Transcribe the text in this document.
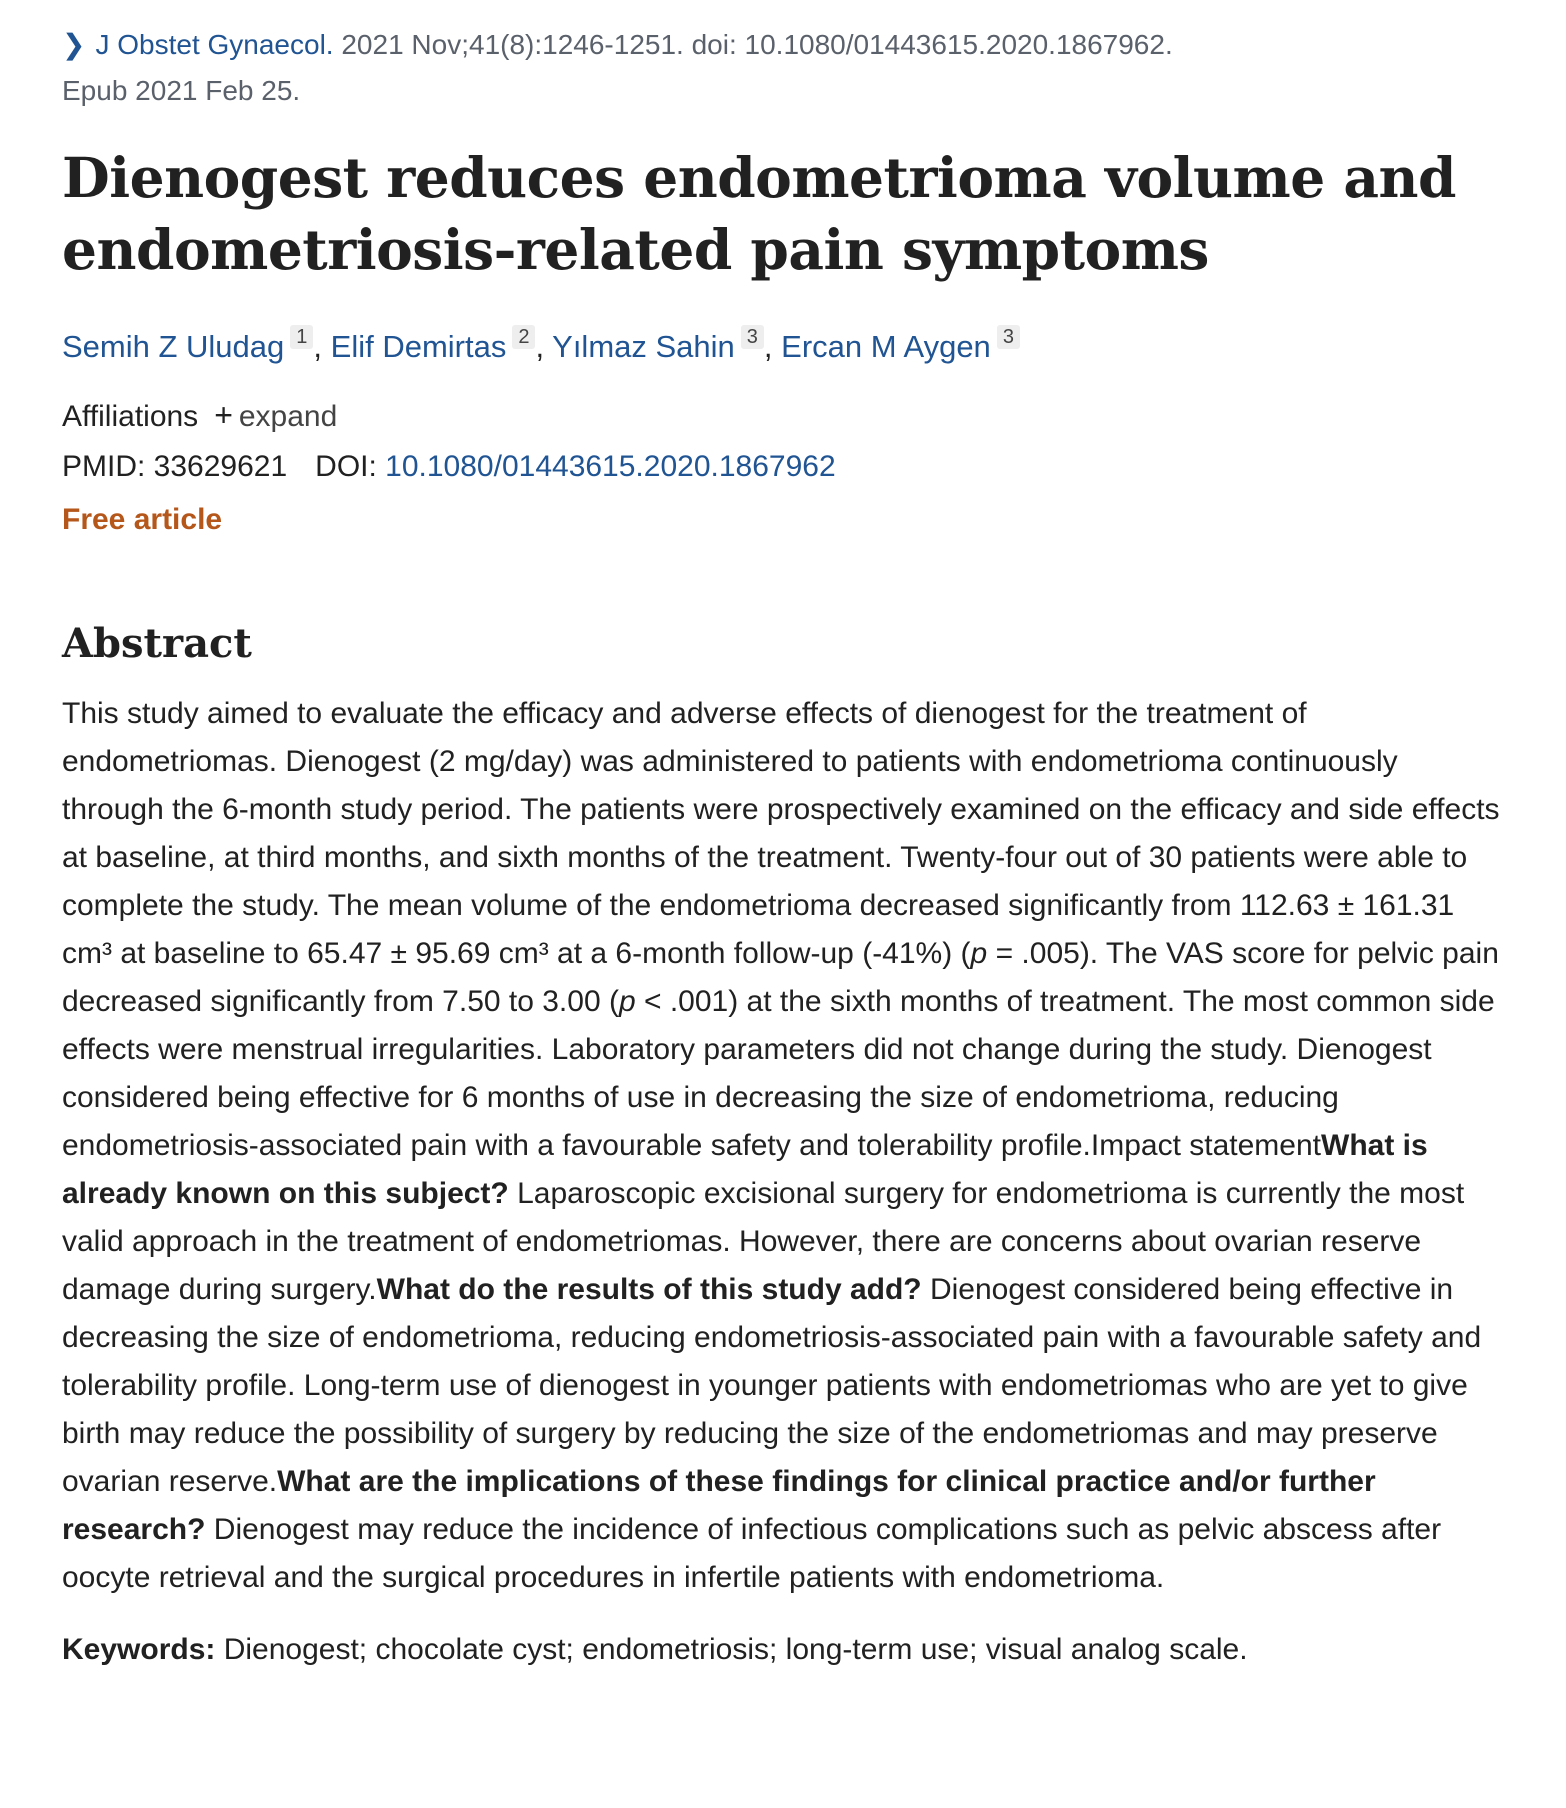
❯ J Obstet Gynaecol. 2021 Nov;41(8):1246-1251. doi: 10.1080/01443615.2020.1867962.
Epub 2021 Feb 25.
Dienogest reduces endometrioma volume and endometriosis-related pain symptoms
Semih Z Uludag 1 , Elif Demirtas 2 , Yılmaz Sahin 3 , Ercan M Aygen 3
Affiliations + expand
PMID: 33629621 DOI: 10.1080/01443615.2020.1867962
Free article
Abstract
This study aimed to evaluate the efficacy and adverse effects of dienogest for the treatment of endometriomas. Dienogest (2 mg/day) was administered to patients with endometrioma continuously through the 6-month study period. The patients were prospectively examined on the efficacy and side effects at baseline, at third months, and sixth months of the treatment. Twenty-four out of 30 patients were able to complete the study. The mean volume of the endometrioma decreased significantly from 112.63 ± 161.31 cm³ at baseline to 65.47 ± 95.69 cm³ at a 6-month follow-up (-41%) (p = .005). The VAS score for pelvic pain decreased significantly from 7.50 to 3.00 (p < .001) at the sixth months of treatment. The most common side effects were menstrual irregularities. Laboratory parameters did not change during the study. Dienogest considered being effective for 6 months of use in decreasing the size of endometrioma, reducing endometriosis-associated pain with a favourable safety and tolerability profile.Impact statementWhat is already known on this subject? Laparoscopic excisional surgery for endometrioma is currently the most valid approach in the treatment of endometriomas. However, there are concerns about ovarian reserve damage during surgery.What do the results of this study add? Dienogest considered being effective in decreasing the size of endometrioma, reducing endometriosis-associated pain with a favourable safety and tolerability profile. Long-term use of dienogest in younger patients with endometriomas who are yet to give birth may reduce the possibility of surgery by reducing the size of the endometriomas and may preserve ovarian reserve.What are the implications of these findings for clinical practice and/or further research? Dienogest may reduce the incidence of infectious complications such as pelvic abscess after oocyte retrieval and the surgical procedures in infertile patients with endometrioma.
Keywords: Dienogest; chocolate cyst; endometriosis; long-term use; visual analog scale.
